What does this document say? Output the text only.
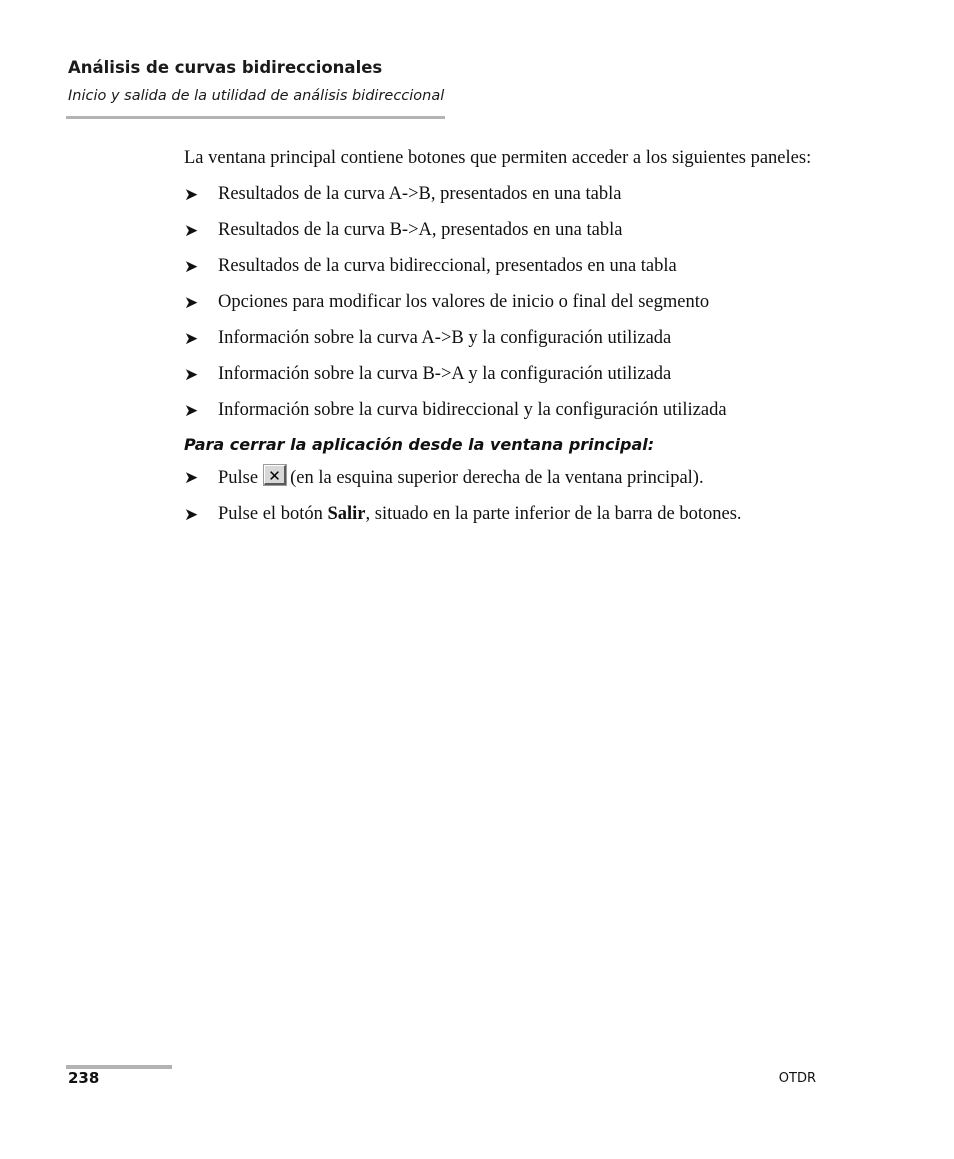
Análisis de curvas bidireccionales

Inicio y salida de la utilidad de análisis bidireccional

La ventana principal contiene botones que permiten acceder a los siguientes paneles:

➤ Resultados de la curva A->B, presentados en una tabla
➤ Resultados de la curva B->A, presentados en una tabla
➤ Resultados de la curva bidireccional, presentados en una tabla
➤ Opciones para modificar los valores de inicio o final del segmento
➤ Información sobre la curva A->B y la configuración utilizada
➤ Información sobre la curva B->A y la configuración utilizada
➤ Información sobre la curva bidireccional y la configuración utilizada

Para cerrar la aplicación desde la ventana principal:

➤ Pulse ✕ (en la esquina superior derecha de la ventana principal).
➤ Pulse el botón Salir, situado en la parte inferior de la barra de botones.

238	OTDR
